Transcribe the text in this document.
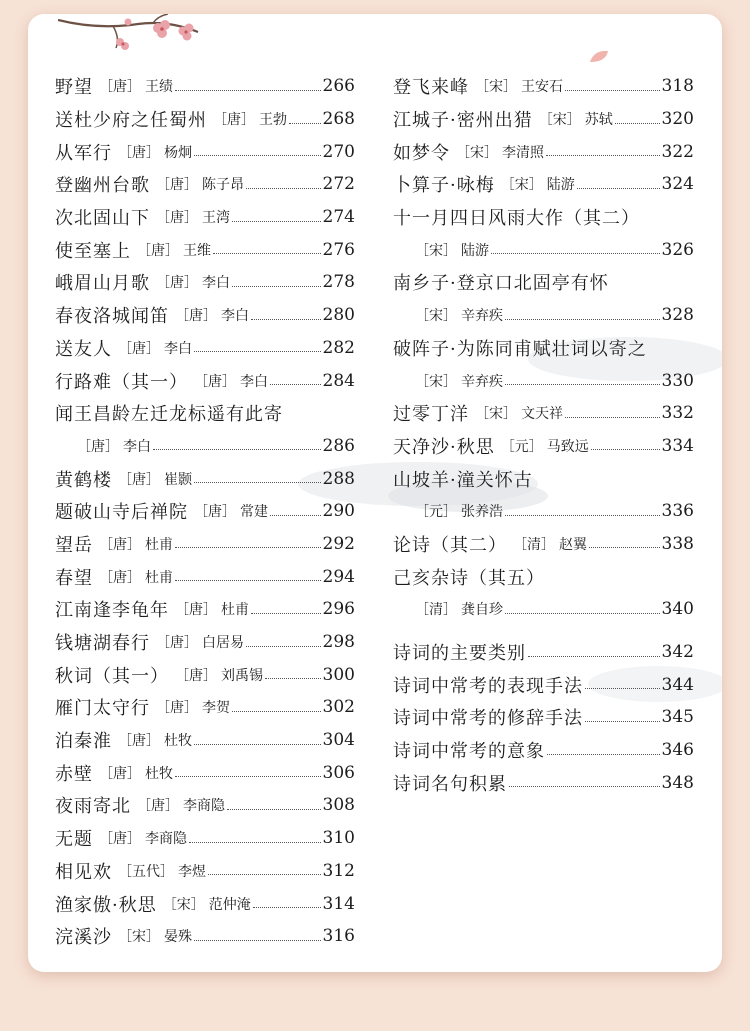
野望 ［唐］ 王绩	266
送杜少府之任蜀州 ［唐］ 王勃 268
从军行 ［唐］ 杨炯	270
登幽州台歌 ［唐］ 陈子昂	272
次北固山下 ［唐］ 王湾	274
使至塞上 ［唐］ 王维	276
峨眉山月歌 ［唐］ 李白	278
春夜洛城闻笛 ［唐］ 李白	280
送友人 ［唐］ 李白	282
行路难（其一） ［唐］ 李白	284
闻王昌龄左迁龙标遥有此寄
［唐］ 李白	286
黄鹤楼 ［唐］ 崔颢	288
题破山寺后禅院 ［唐］ 常建	290
望岳 ［唐］ 杜甫	292
春望 ［唐］ 杜甫	294
江南逢李龟年 ［唐］ 杜甫	296
钱塘湖春行 ［唐］ 白居易	298
秋词（其一） ［唐］ 刘禹锡	300
雁门太守行 ［唐］ 李贺	302
泊秦淮 ［唐］ 杜牧	304
赤壁 ［唐］ 杜牧	306
夜雨寄北 ［唐］ 李商隐	308
无题 ［唐］ 李商隐	310
相见欢 ［五代］ 李煜	312
渔家傲·秋思 ［宋］ 范仲淹	314
浣溪沙 ［宋］ 晏殊	316
登飞来峰 ［宋］ 王安石	318
江城子·密州出猎 ［宋］ 苏轼	320
如梦令 ［宋］ 李清照	322
卜算子·咏梅 ［宋］ 陆游	324
十一月四日风雨大作（其二）
［宋］ 陆游	326
南乡子·登京口北固亭有怀
［宋］ 辛弃疾	328
破阵子·为陈同甫赋壮词以寄之
［宋］ 辛弃疾	330
过零丁洋 ［宋］ 文天祥	332
天净沙·秋思 ［元］ 马致远	334
山坡羊·潼关怀古
［元］ 张养浩	336
论诗（其二） ［清］ 赵翼	338
己亥杂诗（其五）
［清］ 龚自珍	340
诗词的主要类别	342
诗词中常考的表现手法	344
诗词中常考的修辞手法	345
诗词中常考的意象	346
诗词名句积累	348
